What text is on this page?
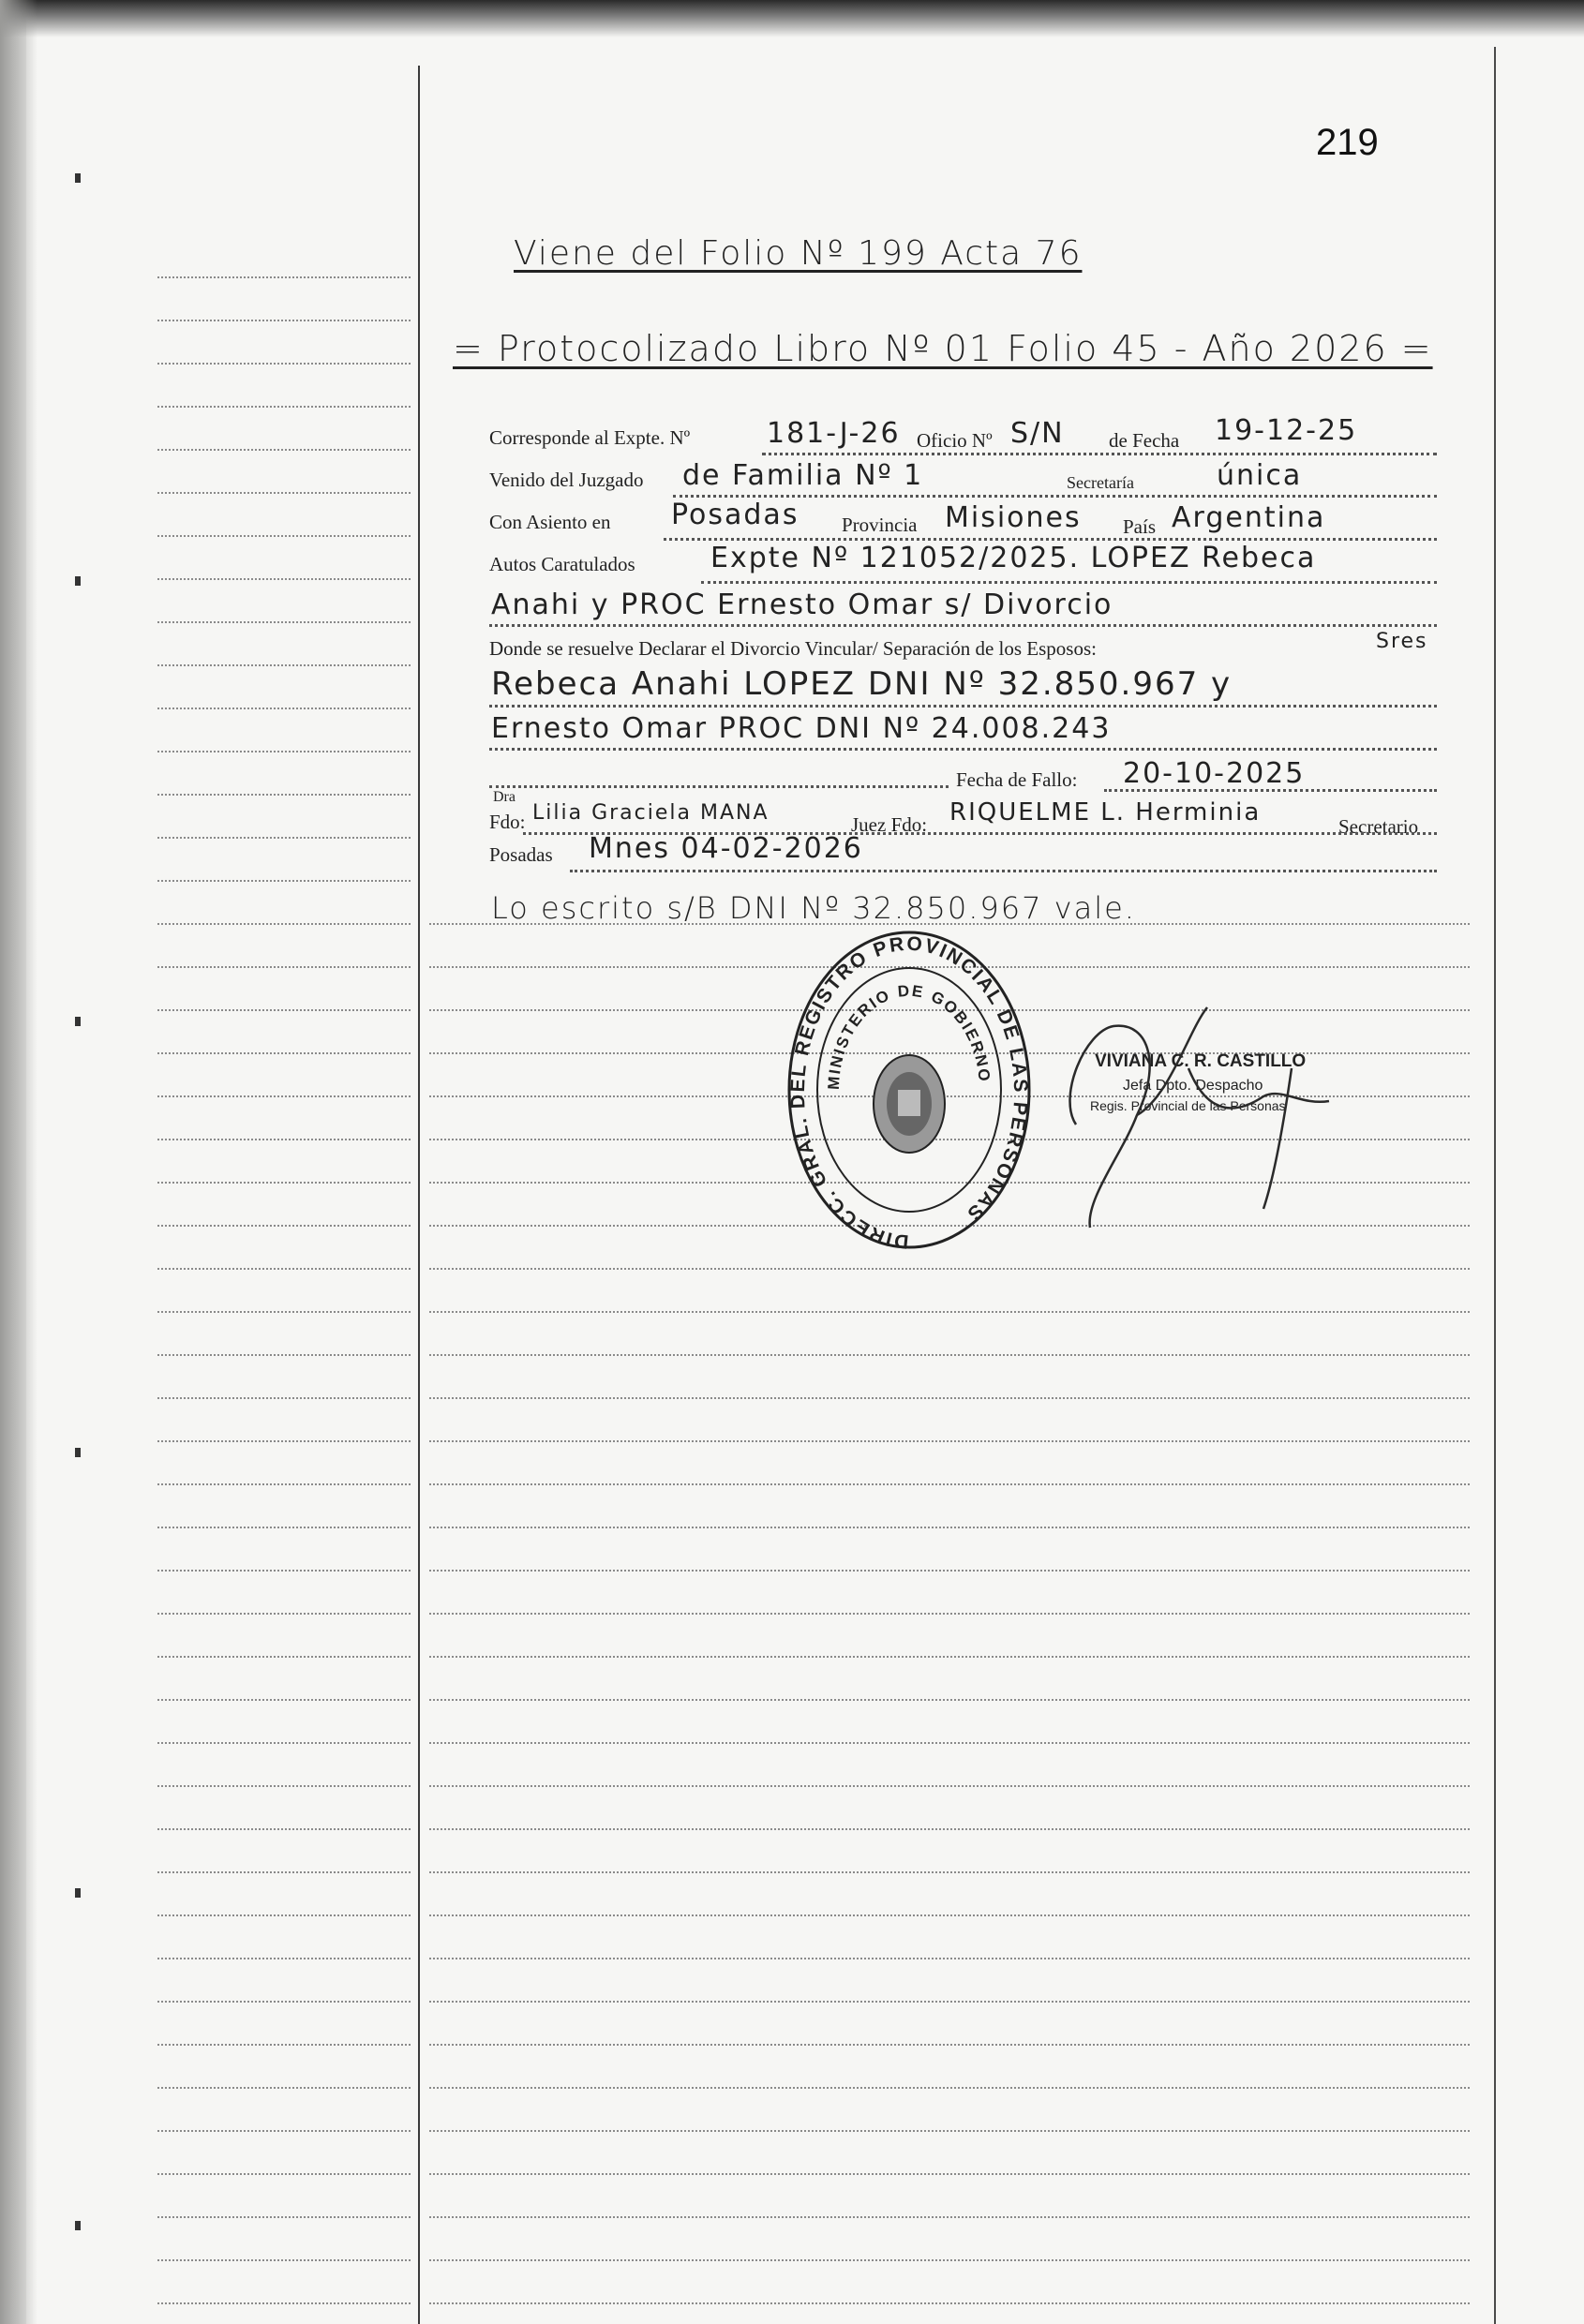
219
Viene del Folio Nº 199 Acta 76
= Protocolizado Libro Nº 01 Folio 45 - Año 2026 =
Corresponde al Expte. Nº	181-J-26 Oficio Nº S/N de Fecha 19-12-25
Venido del Juzgado de Familia Nº 1	Secretaría	única
Con Asiento en Posadas Provincia Misiones País Argentina
Autos Caratulados	Expte Nº 121052/2025. LOPEZ Rebeca
Anahi y PROC Ernesto Omar s/ Divorcio
Donde se resuelve Declarar el Divorcio Vincular/ Separación de los Esposos:	Sres
Rebeca Anahi LOPEZ DNI Nº 32.850.967 y
Ernesto Omar PROC DNI Nº 24.008.243
Fecha de Fallo: 20-10-2025
Dra
Fdo: Lilia Graciela MANA	Juez Fdo: RIQUELME L. Herminia	Secretario
Posadas Mnes 04-02-2026
Lo escrito s/B DNI Nº 32.850.967 vale.
DIRECC. GRAL. DEL REGISTRO PROVINCIAL DE LAS PERSONAS
MINISTERIO DE GOBIERNO
VIVIANA C. R. CASTILLO
Jefa Dpto. Despacho
Regis. Provincial de las Personas
